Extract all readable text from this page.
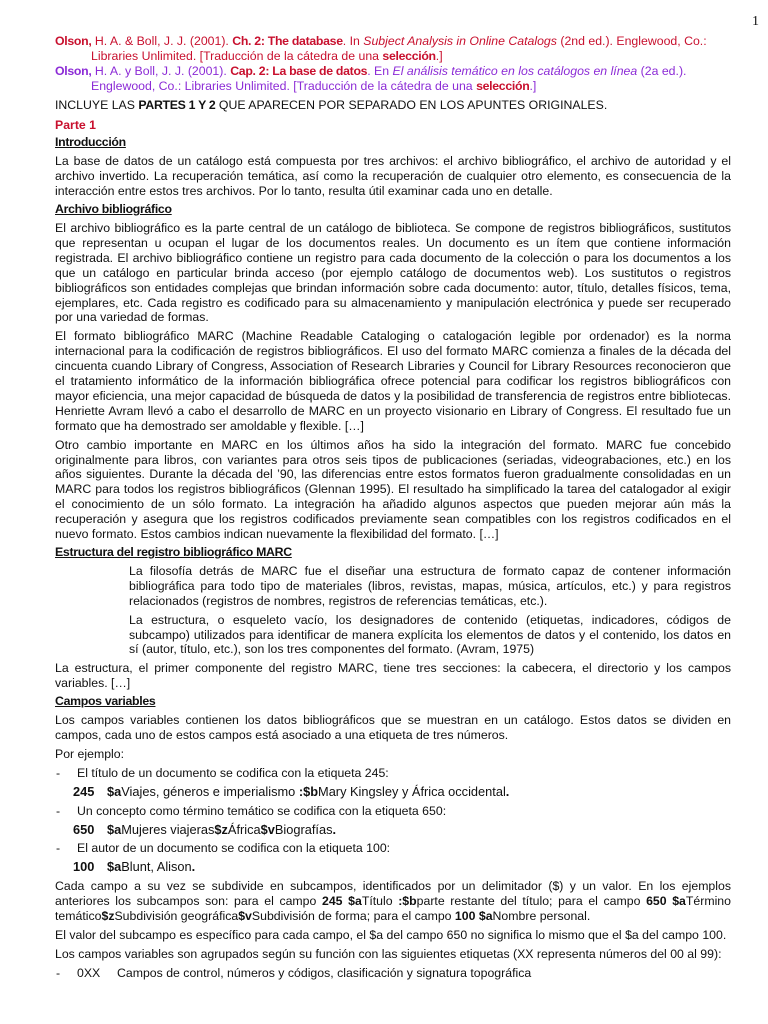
1

Olson, H. A. & Boll, J. J. (2001). Ch. 2: The database. In Subject Analysis in Online Catalogs (2nd ed.). Englewood, Co.: Libraries Unlimited. [Traducción de la cátedra de una selección.]

Olson, H. A. y Boll, J. J. (2001). Cap. 2: La base de datos. En El análisis temático en los catálogos en línea (2a ed.). Englewood, Co.: Libraries Unlimited. [Traducción de la cátedra de una selección.]

INCLUYE LAS PARTES 1 Y 2 QUE APARECEN POR SEPARADO EN LOS APUNTES ORIGINALES.

Parte 1

Introducción

La base de datos de un catálogo está compuesta por tres archivos: el archivo bibliográfico, el archivo de autoridad y el archivo invertido. La recuperación temática, así como la recuperación de cualquier otro elemento, es consecuencia de la interacción entre estos tres archivos. Por lo tanto, resulta útil examinar cada uno en detalle.

Archivo bibliográfico

El archivo bibliográfico es la parte central de un catálogo de biblioteca. Se compone de registros bibliográficos, sustitutos que representan u ocupan el lugar de los documentos reales. Un documento es un ítem que contiene información registrada. El archivo bibliográfico contiene un registro para cada documento de la colección o para los documentos a los que un catálogo en particular brinda acceso (por ejemplo catálogo de documentos web). Los sustitutos o registros bibliográficos son entidades complejas que brindan información sobre cada documento: autor, título, detalles físicos, tema, ejemplares, etc. Cada registro es codificado para su almacenamiento y manipulación electrónica y puede ser recuperado por una variedad de formas.

El formato bibliográfico MARC (Machine Readable Cataloging o catalogación legible por ordenador) es la norma internacional para la codificación de registros bibliográficos. El uso del formato MARC comienza a finales de la década del cincuenta cuando Library of Congress, Association of Research Libraries y Council for Library Resources reconocieron que el tratamiento informático de la información bibliográfica ofrece potencial para codificar los registros bibliográficos con mayor eficiencia, una mejor capacidad de búsqueda de datos y la posibilidad de transferencia de registros entre bibliotecas. Henriette Avram llevó a cabo el desarrollo de MARC en un proyecto visionario en Library of Congress. El resultado fue un formato que ha demostrado ser amoldable y flexible. […]

Otro cambio importante en MARC en los últimos años ha sido la integración del formato. MARC fue concebido originalmente para libros, con variantes para otros seis tipos de publicaciones (seriadas, videograbaciones, etc.) en los años siguientes. Durante la década del ’90, las diferencias entre estos formatos fueron gradualmente consolidadas en un MARC para todos los registros bibliográficos (Glennan 1995). El resultado ha simplificado la tarea del catalogador al exigir el conocimiento de un sólo formato. La integración ha añadido algunos aspectos que pueden mejorar aún más la recuperación y asegura que los registros codificados previamente sean compatibles con los registros codificados en el nuevo formato. Estos cambios indican nuevamente la flexibilidad del formato. […]

Estructura del registro bibliográfico MARC

La filosofía detrás de MARC fue el diseñar una estructura de formato capaz de contener información bibliográfica para todo tipo de materiales (libros, revistas, mapas, música, artículos, etc.) y para registros relacionados (registros de nombres, registros de referencias temáticas, etc.).

La estructura, o esqueleto vacío, los designadores de contenido (etiquetas, indicadores, códigos de subcampo) utilizados para identificar de manera explícita los elementos de datos y el contenido, los datos en sí (autor, título, etc.), son los tres componentes del formato. (Avram, 1975)

La estructura, el primer componente del registro MARC, tiene tres secciones: la cabecera, el directorio y los campos variables. […]

Campos variables

Los campos variables contienen los datos bibliográficos que se muestran en un catálogo. Estos datos se dividen en campos, cada uno de estos campos está asociado a una etiqueta de tres números.

Por ejemplo:

- El título de un documento se codifica con la etiqueta 245:

245 $aViajes, géneros e imperialismo :$bMary Kingsley y África occidental.

- Un concepto como término temático se codifica con la etiqueta 650:

650 $aMujeres viajeras$zÁfrica$vBiografías.

- El autor de un documento se codifica con la etiqueta 100:

100 $aBlunt, Alison.

Cada campo a su vez se subdivide en subcampos, identificados por un delimitador ($) y un valor. En los ejemplos anteriores los subcampos son: para el campo 245 $aTítulo :$bparte restante del título; para el campo 650 $aTérmino temático$zSubdivisión geográfica$vSubdivisión de forma; para el campo 100 $aNombre personal.

El valor del subcampo es específico para cada campo, el $a del campo 650 no significa lo mismo que el $a del campo 100.

Los campos variables son agrupados según su función con las siguientes etiquetas (XX representa números del 00 al 99):

- 0XX Campos de control, números y códigos, clasificación y signatura topográfica
